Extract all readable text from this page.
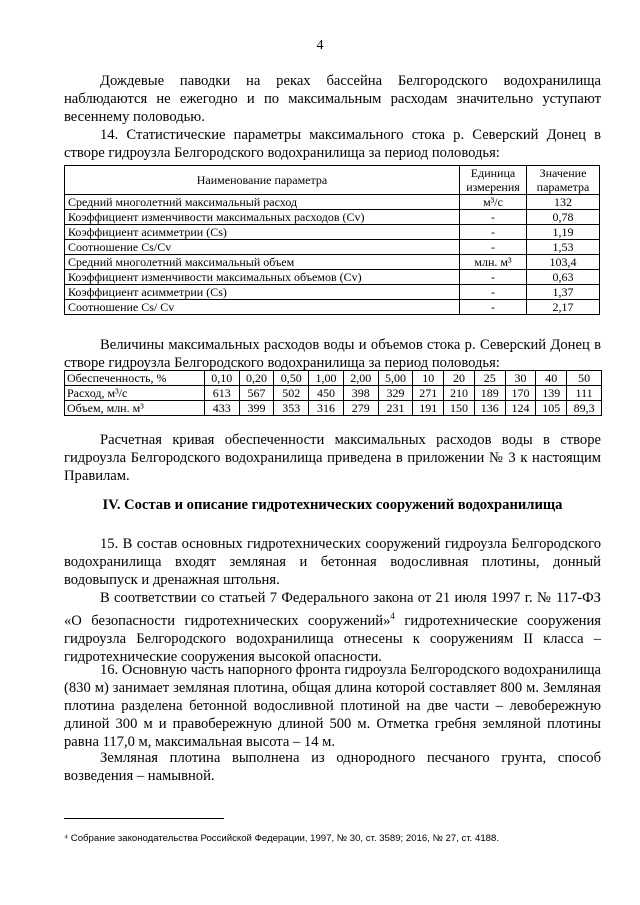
4

Дождевые паводки на реках бассейна Белгородского водохранилища наблюдаются не ежегодно и по максимальным расходам значительно уступают весеннему половодью.

14. Статистические параметры максимального стока р. Северский Донец в створе гидроузла Белгородского водохранилища за период половодья:

Наименование параметра	Единица измерения	Значение параметра
Средний многолетний максимальный расход	м³/с	132
Коэффициент изменчивости максимальных расходов (Cv)	-	0,78
Коэффициент асимметрии (Cs)	-	1,19
Соотношение Cs/Cv	-	1,53
Средний многолетний максимальный объем	млн. м³	103,4
Коэффициент изменчивости максимальных объемов (Cv)	-	0,63
Коэффициент асимметрии (Cs)	-	1,37
Соотношение Cs/ Cv	-	2,17

Величины максимальных расходов воды и объемов стока р. Северский Донец в створе гидроузла Белгородского водохранилища за период половодья:

Обеспеченность, %	0,10	0,20	0,50	1,00	2,00	5,00	10	20	25	30	40	50
Расход, м³/с	613	567	502	450	398	329	271	210	189	170	139	111
Объем, млн. м³	433	399	353	316	279	231	191	150	136	124	105	89,3

Расчетная кривая обеспеченности максимальных расходов воды в створе гидроузла Белгородского водохранилища приведена в приложении № 3 к настоящим Правилам.

IV. Состав и описание гидротехнических сооружений водохранилища

15. В состав основных гидротехнических сооружений гидроузла Белгородского водохранилища входят земляная и бетонная водосливная плотины, донный водовыпуск и дренажная штольня.

В соответствии со статьей 7 Федерального закона от 21 июля 1997 г. № 117-ФЗ «О безопасности гидротехнических сооружений»$^4$ гидротехнические сооружения гидроузла Белгородского водохранилища отнесены к сооружениям II класса – гидротехнические сооружения высокой опасности.

16. Основную часть напорного фронта гидроузла Белгородского водохранилища (830 м) занимает земляная плотина, общая длина которой составляет 800 м. Земляная плотина разделена бетонной водосливной плотиной на две части – левобережную длиной 300 м и правобережную длиной 500 м. Отметка гребня земляной плотины равна 117,0 м, максимальная высота – 14 м.

Земляная плотина выполнена из однородного песчаного грунта, способ возведения – намывной.

⁴ Собрание законодательства Российской Федерации, 1997, № 30, ст. 3589; 2016, № 27, ст. 4188.
